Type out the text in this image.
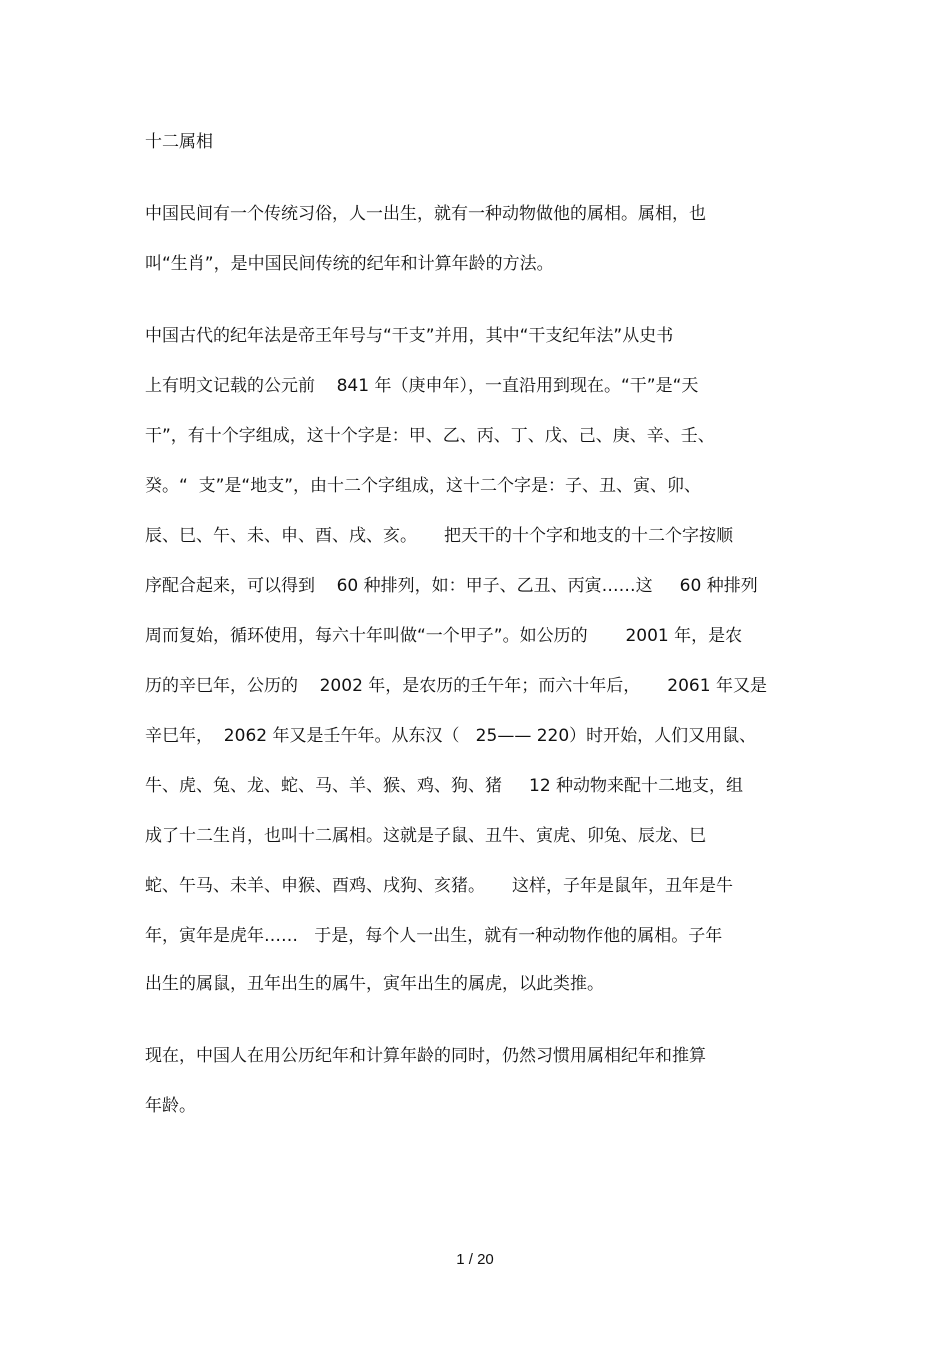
十二属相
中国民间有一个传统习俗，人一出生，就有一种动物做他的属相。属相，也
叫“生肖”，是中国民间传统的纪年和计算年龄的方法。
中国古代的纪年法是帝王年号与“干支”并用，其中“干支纪年法”从史书
上有明文记载的公元前    841 年（庚申年），一直沿用到现在。“干”是“天
干”，有十个字组成，这十个字是：甲、乙、丙、丁、戊、己、庚、辛、壬、
癸。“  支”是“地支”，由十二个字组成，这十二个字是：子、丑、寅、卯、
辰、巳、午、未、申、酉、戌、亥。     把天干的十个字和地支的十二个字按顺
序配合起来，可以得到    60 种排列，如：甲子、乙丑、丙寅……这     60 种排列
周而复始，循环使用，每六十年叫做“一个甲子”。如公历的       2001 年，是农
历的辛巳年，公历的    2002 年，是农历的壬午年；而六十年后，     2061 年又是
辛巳年，  2062 年又是壬午年。从东汉（   25—— 220）时开始，人们又用鼠、
牛、虎、兔、龙、蛇、马、羊、猴、鸡、狗、猪     12 种动物来配十二地支，组
成了十二生肖，也叫十二属相。这就是子鼠、丑牛、寅虎、卯兔、辰龙、巳
蛇、午马、未羊、申猴、酉鸡、戌狗、亥猪。     这样，子年是鼠年，丑年是牛
年，寅年是虎年……   于是，每个人一出生，就有一种动物作他的属相。子年
出生的属鼠，丑年出生的属牛，寅年出生的属虎，以此类推。
现在，中国人在用公历纪年和计算年龄的同时，仍然习惯用属相纪年和推算
年龄。
1 / 20
